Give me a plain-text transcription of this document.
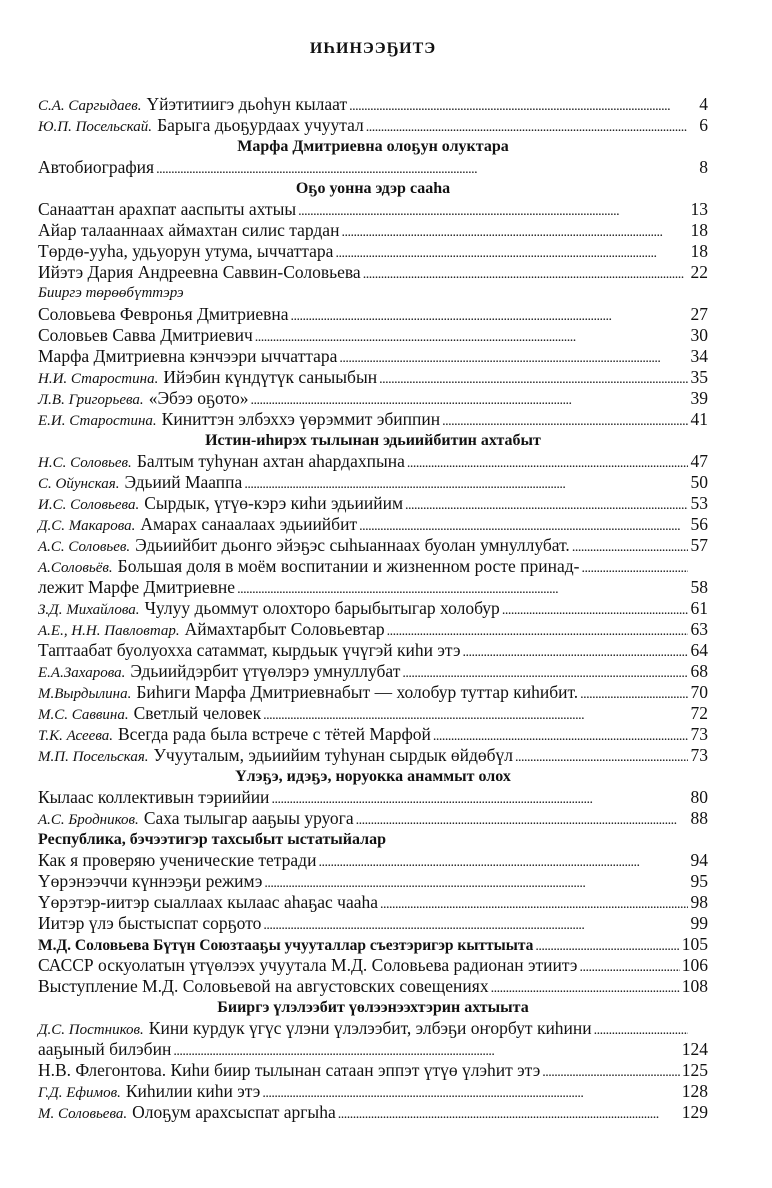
ИҺИНЭЭҔИТЭ
С.А. Саргыдаев. Үйэтитиигэ дьоһун кылаат . . .	4
Ю.П. Посельскай. Барыга дьоҕурдаах учуутал . . .	6
Марфа Дмитриевна олоҕун олуктара
Автобиография . . .	8
Оҕо уонна эдэр сааһа
Санааттан арахпат ааспыты ахтыы . . .	13
Айар талааннаах аймахтан силис тардан . . .	18
Төрдө-ууһа, удьуорун утума, ыччаттара . . .	18
Ийэтэ Дария Андреевна Саввин-Соловьева . . .	22
Бииргэ төрөөбүттэрэ
Соловьева Февронья Дмитриевна . . .	27
Соловьев Савва Дмитриевич . . .	30
Марфа Дмитриевна кэнчээри ыччаттара . . .	34
Н.И. Старостина. Ийэбин күндүтүк саныыбын . . .	35
Л.В. Григорьева. «Эбээ оҕото» . . .	39
Е.И. Старостина. Киниттэн элбэххэ үөрэммит эбиппин . . .	41
Истин-иһирэх тылынан эдьиийбитин ахтабыт
Н.С. Соловьев. Балтым туһунан ахтан аһардахпына . . .	47
С. Ойунская. Эдьиий Мааппа . . .	50
И.С. Соловьева. Сырдык, үтүө-кэрэ киһи эдьиийим . . .	53
Д.С. Макарова. Амарах санаалаах эдьиийбит . . .	56
А.С. Соловьев. Эдьиийбит дьонго эйэҕэс сыһыаннаах буолан умнуллубат. . . .	57
А.Соловьёв. Большая доля в моём воспитании и жизненном росте принад-
. . .
лежит Марфе Дмитриевне . . .	58
З.Д. Михайлова. Чулуу дьоммут олохторо барыбытыгар холобур . . .	61
А.Е., Н.Н. Павловтар. Аймахтарбыт Соловьевтар . . .	63
Таптаабат буолуохха сатаммат, кырдьык үчүгэй киһи этэ . . .	64
Е.А.Захарова. Эдьиийдэрбит үтүөлэрэ умнуллубат . . .	68
М.Вырдылина. Биһиги Марфа Дмитриевнабыт — холобур туттар киһибит. . . .	70
М.С. Саввина. Светлый человек . . .	72
Т.К. Асеева. Всегда рада была встрече с тётей Марфой . . .	73
М.П. Посельская. Учууталым, эдьиийим туһунан сырдык өйдөбүл . . .	73
Үлэҕэ, идэҕэ, норуокка анаммыт олох
Кылаас коллективын тэриийии . . .	80
А.С. Бродников. Саха тылыгар ааҕыы уруога . . .	88
Республика, бэчээтигэр тахсыбыт ыстатыйалар
Как я проверяю ученические тетради . . .	94
Үөрэнээччи күннээҕи режимэ . . .	95
Үөрэтэр-иитэр сыаллаах кылаас аһаҕас чааһа . . .	98
Иитэр үлэ быстыспат сорҕото . . .	99
М.Д. Соловьева Бүтүн Союзтааҕы учууталлар съезтэригэр кыттыыта . . .	105
САССР оскуолатын үтүөлээх учуутала М.Д. Соловьева радионан этиитэ . . .	106
Выступление М.Д. Соловьевой на августовских совещениях . . .	108
Бииргэ үлэлээбит үөлээнээхтэрин ахтыыта
Д.С. Постников. Кини курдук үгүс үлэни үлэлээбит, элбэҕи оҥорбут киһини
. . .
ааҕыный билэбин . . .	124
Н.В. Флегонтова. Киһи биир тылынан сатаан эппэт үтүө үлэһит этэ . . .	125
Г.Д. Ефимов. Киһилии киһи этэ . . .	128
М. Соловьева. Олоҕум арахсыспат аргыһа . . .	129
